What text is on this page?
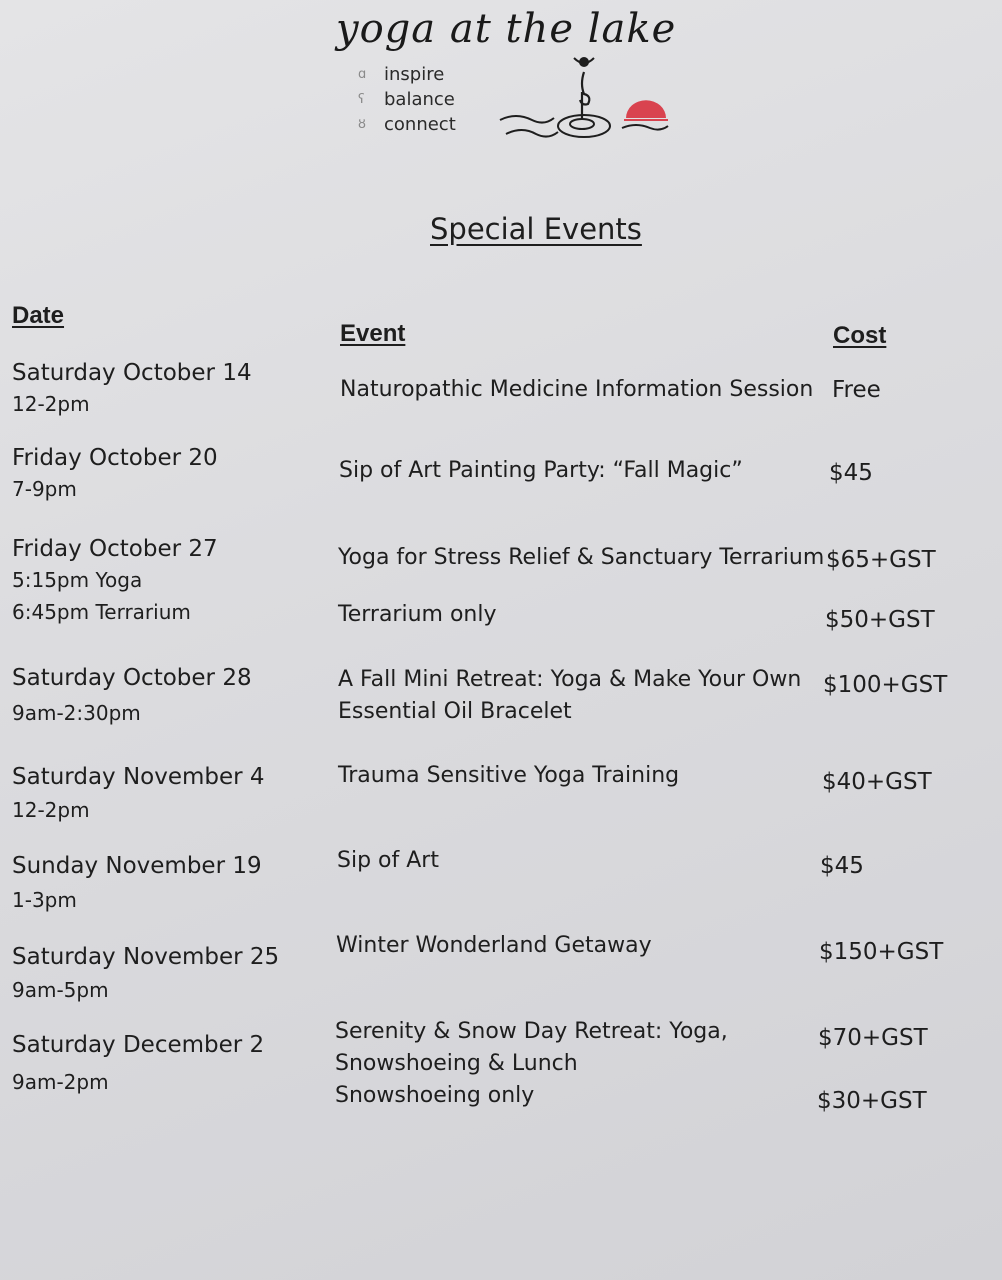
yoga at the lake
ɑ inspire
ʕ	balance
ȣ	connect
Special Events
Date
Event	Cost
Saturday October 14
12-2pm
Naturopathic Medicine Information Session Free
Friday October 20
7-9pm
Sip of Art Painting Party: “Fall Magic”	$45
Friday October 27
5:15pm Yoga
6:45pm Terrarium
Yoga for Stress Relief & Sanctuary Terrarium $65+GST
Terrarium only	$50+GST
Saturday October 28
9am-2:30pm
A Fall Mini Retreat: Yoga & Make Your Own
Essential Oil Bracelet
$100+GST
Saturday November 4
12-2pm
Trauma Sensitive Yoga Training	$40+GST
Sunday November 19
1-3pm
Sip of Art	$45
Saturday November 25
9am-5pm
Winter Wonderland Getaway	$150+GST
Saturday December 2
9am-2pm
Serenity & Snow Day Retreat: Yoga,
Snowshoeing & Lunch
$70+GST
Snowshoeing only	$30+GST
